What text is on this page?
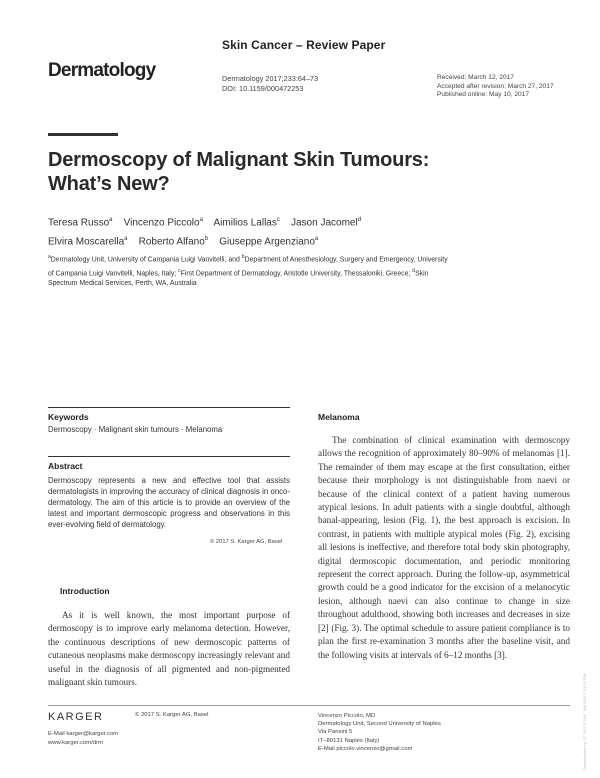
Skin Cancer – Review Paper
Dermatology	Dermatology 2017;233:64–73
DOI: 10.1159/000472253
Received: March 12, 2017
Accepted after revision: March 27, 2017
Published online: May 10, 2017
Dermoscopy of Malignant Skin Tumours:
What’s New?
Teresa Russo$^a$ Vincenzo Piccolo$^a$ Aimilios Lallas$^c$ Jason Jacomel$^d$
Elvira Moscarella$^a$ Roberto Alfano$^b$ Giuseppe Argenziano$^a$
$^a$Dermatology Unit, University of Campania Luigi Vanvitelli, and $^b$Department of Anesthesiology, Surgery and Emergency, University of Campania Luigi Vanvitelli, Naples, Italy; $^c$First Department of Dermatology, Aristotle University, Thessaloniki, Greece; $^d$Skin Spectrum Medical Services, Perth, WA, Australia
Keywords
Dermoscopy · Malignant skin tumours · Melanoma
Abstract
Dermoscopy represents a new and effective tool that assists dermatologists in improving the accuracy of clinical diagnosis in onco-dermatology. The aim of this article is to provide an overview of the latest and important dermoscopic progress and observations in this ever-evolving field of dermatology.
© 2017 S. Karger AG, Basel
Introduction
As it is well known, the most important purpose of dermoscopy is to improve early melanoma detection. However, the continuous descriptions of new dermoscopic patterns of cutaneous neoplasms make dermoscopy increasingly relevant and useful in the diagnosis of all pigmented and non-pigmented malignant skin tumours.
Melanoma
The combination of clinical examination with dermoscopy allows the recognition of approximately 80–90% of melanomas [1]. The remainder of them may escape at the first consultation, either because their morphology is not distinguishable from naevi or because of the clinical context of a patient having numerous atypical lesions. In adult patients with a single doubtful, although banal-appearing, lesion (Fig. 1), the best approach is excision. In contrast, in patients with multiple atypical moles (Fig. 2), excising all lesions is ineffective, and therefore total body skin photography, digital dermoscopic documentation, and periodic monitoring represent the correct approach. During the follow-up, asymmetrical growth could be a good indicator for the excision of a melanocytic lesion, although naevi can also continue to change in size throughout adulthood, showing both increases and decreases in size [2] (Fig. 3). The optimal schedule to assure patient compliance is to plan the first re-examination 3 months after the baseline visit, and the following visits at intervals of 6–12 months [3].
KARGER	© 2017 S. Karger AG, Basel
E-Mail karger@karger.com
www.karger.com/drm
Vincenzo Piccolo, MD
Dermatology Unit, Second University of Naples
Via Pansini 5
IT–80131 Naples (Italy)
E-Mail piccolo.vincenzo@gmail.com	Downloaded by: 27.76.172.164 - 4/8/2019 7:51:52 PM
